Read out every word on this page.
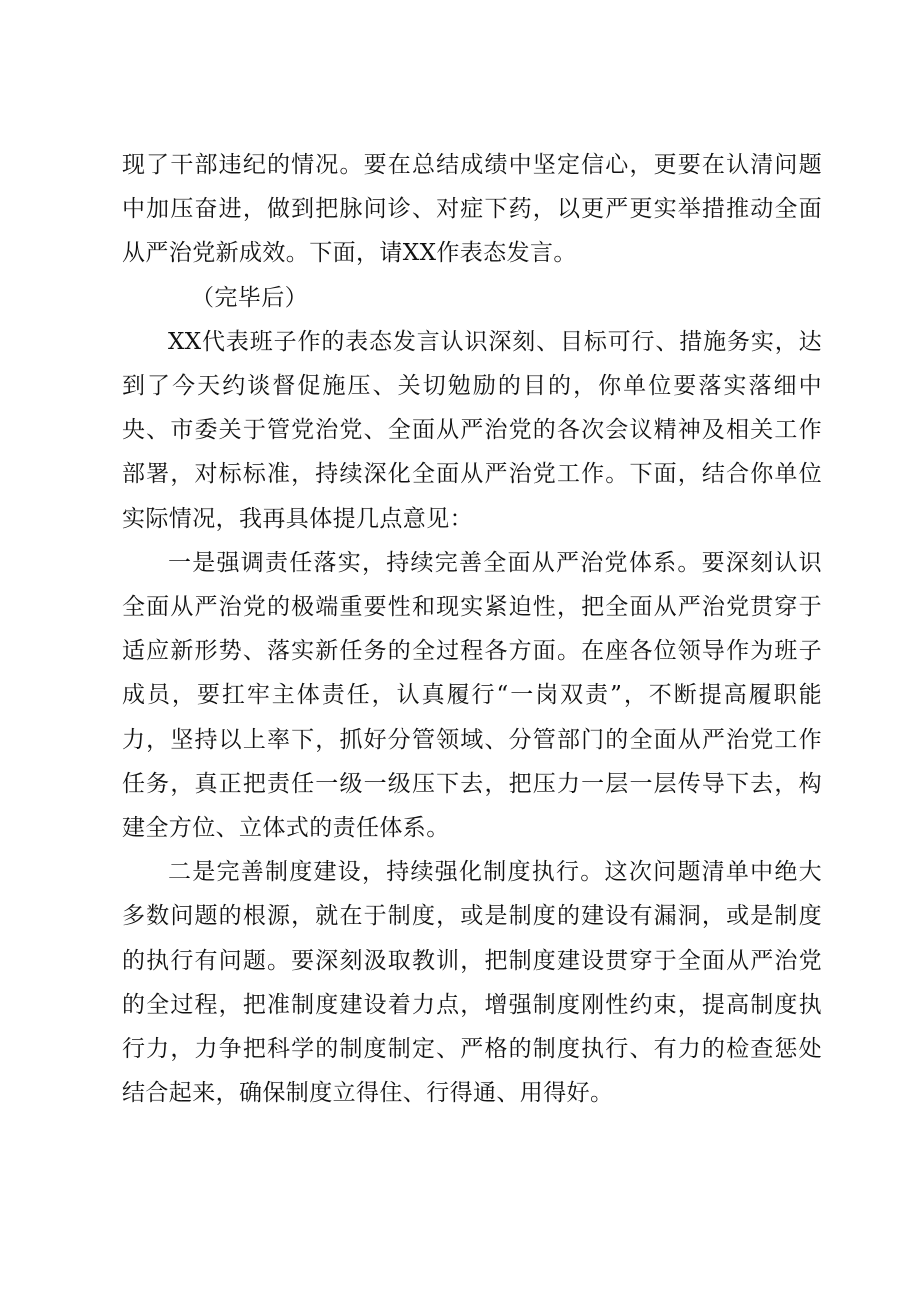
现了干部违纪的情况。要在总结成绩中坚定信心，更要在认清问题中加压奋进，做到把脉问诊、对症下药，以更严更实举措推动全面从严治党新成效。下面，请XX作表态发言。

（完毕后）

XX代表班子作的表态发言认识深刻、目标可行、措施务实，达到了今天约谈督促施压、关切勉励的目的，你单位要落实落细中央、市委关于管党治党、全面从严治党的各次会议精神及相关工作部署，对标标准，持续深化全面从严治党工作。下面，结合你单位实际情况，我再具体提几点意见：

一是强调责任落实，持续完善全面从严治党体系。要深刻认识全面从严治党的极端重要性和现实紧迫性，把全面从严治党贯穿于适应新形势、落实新任务的全过程各方面。在座各位领导作为班子成员，要扛牢主体责任，认真履行“一岗双责”，不断提高履职能力，坚持以上率下，抓好分管领域、分管部门的全面从严治党工作任务，真正把责任一级一级压下去，把压力一层一层传导下去，构建全方位、立体式的责任体系。

二是完善制度建设，持续强化制度执行。这次问题清单中绝大多数问题的根源，就在于制度，或是制度的建设有漏洞，或是制度的执行有问题。要深刻汲取教训，把制度建设贯穿于全面从严治党的全过程，把准制度建设着力点，增强制度刚性约束，提高制度执行力，力争把科学的制度制定、严格的制度执行、有力的检查惩处结合起来，确保制度立得住、行得通、用得好。
